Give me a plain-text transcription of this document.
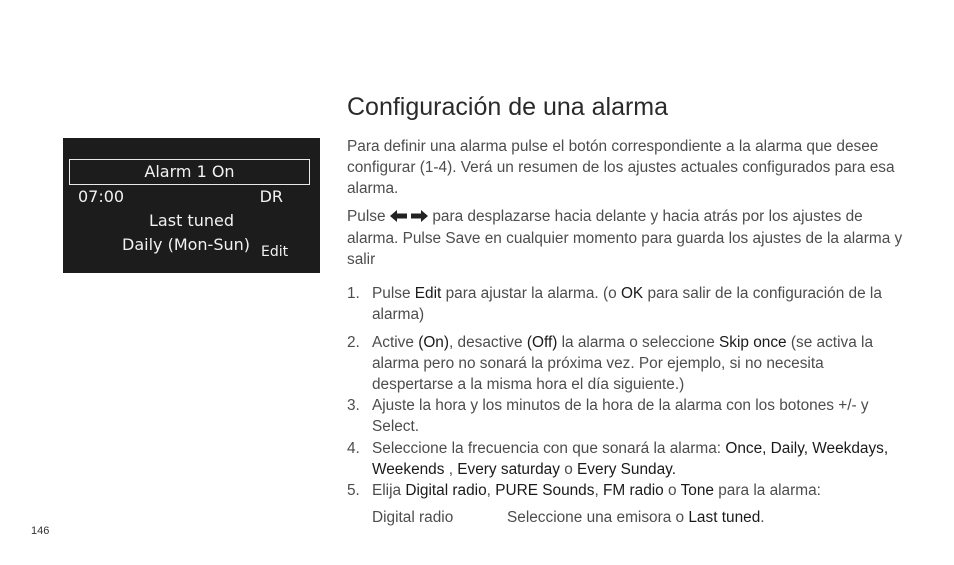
Alarm 1 On
07:00	DR
Last tuned
Daily (Mon-Sun) Edit
Configuración de una alarma
Para definir una alarma pulse el botón correspondiente a la alarma que desee configurar (1-4). Verá un resumen de los ajustes actuales configurados para esa alarma.
Pulse	para desplazarse hacia delante y hacia atrás por los ajustes de alarma. Pulse Save en cualquier momento para guarda los ajustes de la alarma y salir
1. Pulse Edit para ajustar la alarma. (o OK para salir de la configuración de la alarma)
2. Active (On), desactive (Off) la alarma o seleccione Skip once (se activa la alarma pero no sonará la próxima vez. Por ejemplo, si no necesita despertarse a la misma hora el día siguiente.)
3. Ajuste la hora y los minutos de la hora de la alarma con los botones +/- y Select.
4. Seleccione la frecuencia con que sonará la alarma: Once, Daily, Weekdays, Weekends , Every saturday o Every Sunday.
5. Elija Digital radio, PURE Sounds, FM radio o Tone para la alarma:
Digital radio	Seleccione una emisora o Last tuned.
146
